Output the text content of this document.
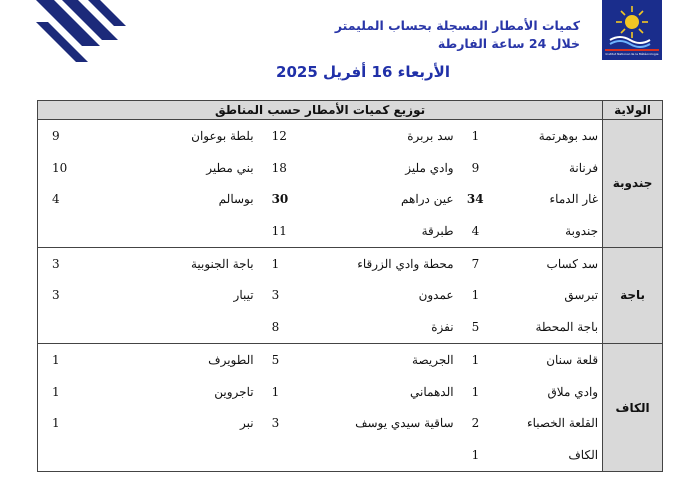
Institut National de la Météorologie
كميات الأمطار المسجلة بحساب المليمتر
خلال 24 ساعة الفارطة
الأربعاء 16 أفريل 2025
الولاية	توزيع كميات الأمطار حسب المناطق					
جندوبة	سد بوهرتمة	1	سد بربرة	12	بلطة بوعوان	9
	فرنانة	9	وادي مليز	18	بني مطير	10
	غار الدماء	34	عين دراهم	30	بوسالم	4
	جندوبة	4	طبرقة	11		
باجة	سد كساب	7	محطة وادي الزرقاء	1	باجة الجنوبية	3
	تبرسق	1	عمدون	3	تيبار	3
	باجة المحطة	5	نفزة	8		
الكاف	قلعة سنان	1	الجريصة	5	الطويرف	1
	وادي ملاق	1	الدهماني	1	تاجروين	1
	القلعة الخصباء	2	ساقية سيدي يوسف	3	نبر	1
	الكاف	1				
